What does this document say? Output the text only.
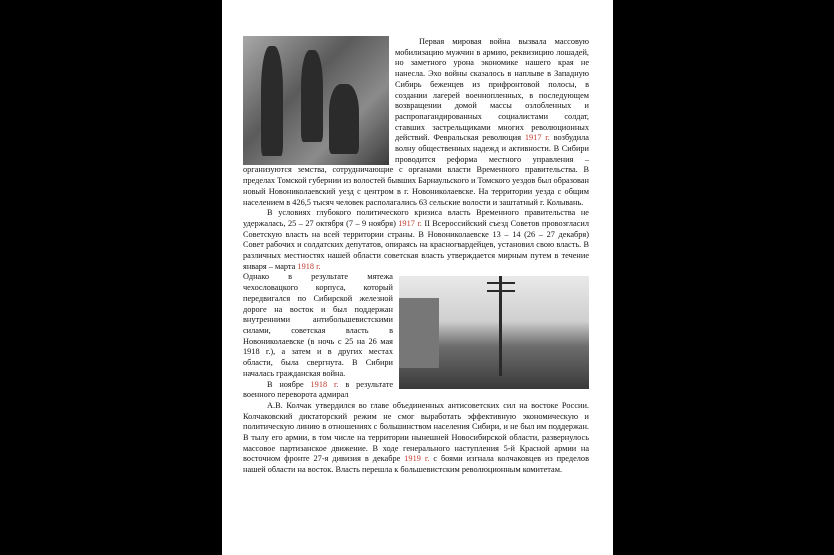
Первая мировая война вызвала массовую мобилизацию мужчин в армию, реквизицию лошадей, но заметного урона экономике нашего края не нанесла. Эхо войны сказалось в наплыве в Западную Сибирь беженцев из прифронтовой полосы, в создании лагерей военнопленных, в последующем возвращении домой массы озлобленных и распропагандированных социалистами солдат, ставших застрельщиками многих революционных действий. Февральская революция 1917 г. возбудила волну общественных надежд и активности. В Сибири проводится реформа местного управления – организуются земства, сотрудничающие с органами власти Временного правительства. В пределах Томской губернии из волостей бывших Барнаульского и Томского уездов был образован новый Новониколаевский уезд с центром в г. Новониколаевске. На территории уезда с общим населением в 426,5 тысяч человек располагались 63 сельские волости и заштатный г. Колывань.

В условиях глубокого политического кризиса власть Временного правительства не удержалась, 25 – 27 октября (7 – 9 ноября) 1917 г. II Всероссийский съезд Советов провозгласил Советскую власть на всей территории страны. В Новониколаевске 13 – 14 (26 – 27 декабря) Совет рабочих и солдатских депутатов, опираясь на красногвардейцев, установил свою власть. В различных местностях нашей области советская власть утверждается мирным путем в течение января – марта 1918 г.

Однако в результате мятежа чехословацкого корпуса, который передвигался по Сибирской железной дороге на восток и был поддержан внутренними антибольшевистскими силами, советская власть в Новониколаевске (в ночь с 25 на 26 мая 1918 г.), а затем и в других местах области, была свергнута. В Сибири началась гражданская война.

В ноябре 1918 г. в результате военного переворота адмирал

А.В. Колчак утвердился во главе объединенных антисоветских сил на востоке России. Колчаковский диктаторский режим не смог выработать эффективную экономическую и политическую линию в отношениях с большинством населения Сибири, и не был им поддержан. В тылу его армии, в том числе на территории нынешней Новосибирской области, развернулось массовое партизанское движение. В ходе генерального наступления 5-й Красной армии на восточном фронте 27-я дивизия в декабре 1919 г. с боями изгнала колчаковцев из пределов нашей области на восток. Власть перешла к большевистским революционным комитетам.
